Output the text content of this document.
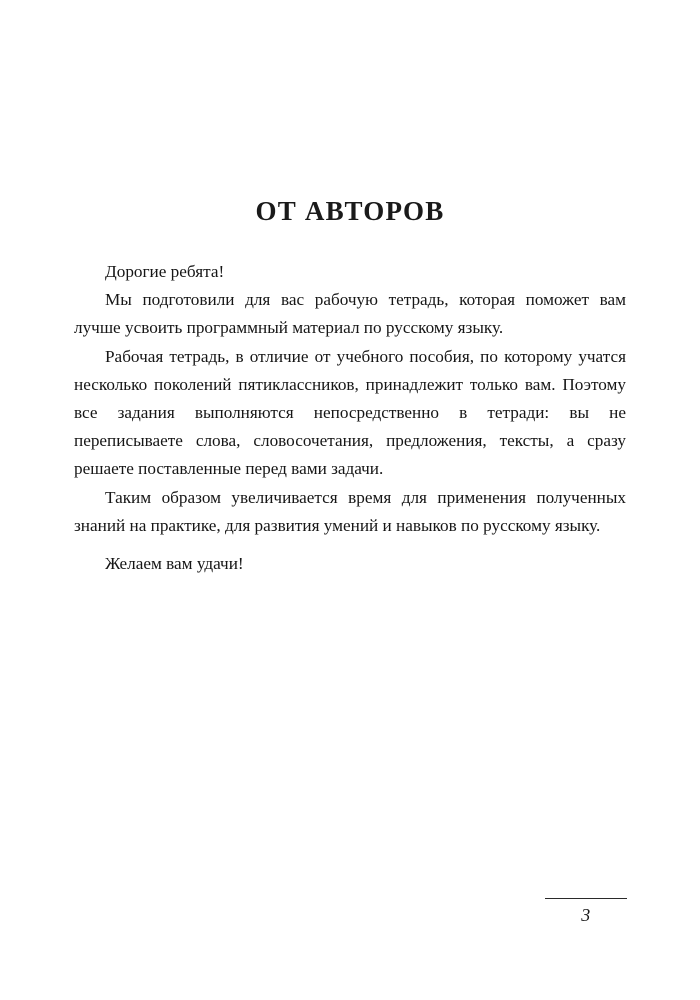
ОТ АВТОРОВ

Дорогие ребята!

Мы подготовили для вас рабочую тетрадь, которая поможет вам лучше усвоить программный материал по русскому языку.

Рабочая тетрадь, в отличие от учебного пособия, по которому учатся несколько поколений пятиклассников, принадлежит только вам. Поэтому все задания выполняются непосредственно в тетради: вы не переписываете слова, словосочетания, предложения, тексты, а сразу решаете поставленные перед вами задачи.

Таким образом увеличивается время для применения полученных знаний на практике, для развития умений и навыков по русскому языку.

Желаем вам удачи!

3
